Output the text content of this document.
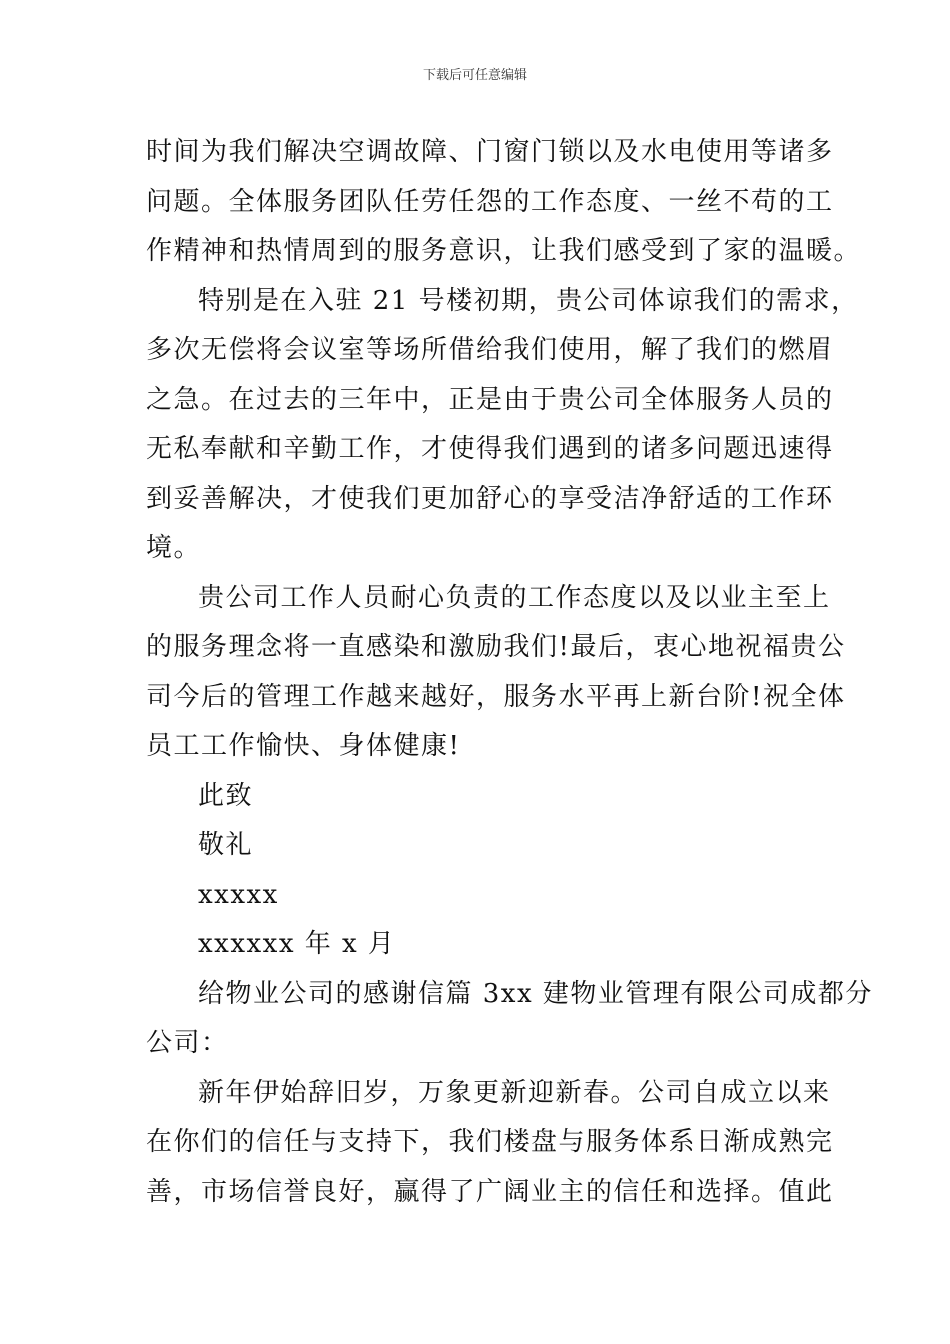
下载后可任意编辑
时间为我们解决空调故障、门窗门锁以及水电使用等诸多
问题。全体服务团队任劳任怨的工作态度、一丝不苟的工
作精神和热情周到的服务意识，让我们感受到了家的温暖。
特别是在入驻 21 号楼初期，贵公司体谅我们的需求，
多次无偿将会议室等场所借给我们使用，解了我们的燃眉
之急。在过去的三年中，正是由于贵公司全体服务人员的
无私奉献和辛勤工作，才使得我们遇到的诸多问题迅速得
到妥善解决，才使我们更加舒心的享受洁净舒适的工作环
境。
贵公司工作人员耐心负责的工作态度以及以业主至上
的服务理念将一直感染和激励我们!最后，衷心地祝福贵公
司今后的管理工作越来越好，服务水平再上新台阶!祝全体
员工工作愉快、身体健康!
此致
敬礼
xxxxx
xxxxxx 年 x 月
给物业公司的感谢信篇 3xx 建物业管理有限公司成都分
公司：
新年伊始辞旧岁，万象更新迎新春。公司自成立以来
在你们的信任与支持下，我们楼盘与服务体系日渐成熟完
善，市场信誉良好，赢得了广阔业主的信任和选择。值此
